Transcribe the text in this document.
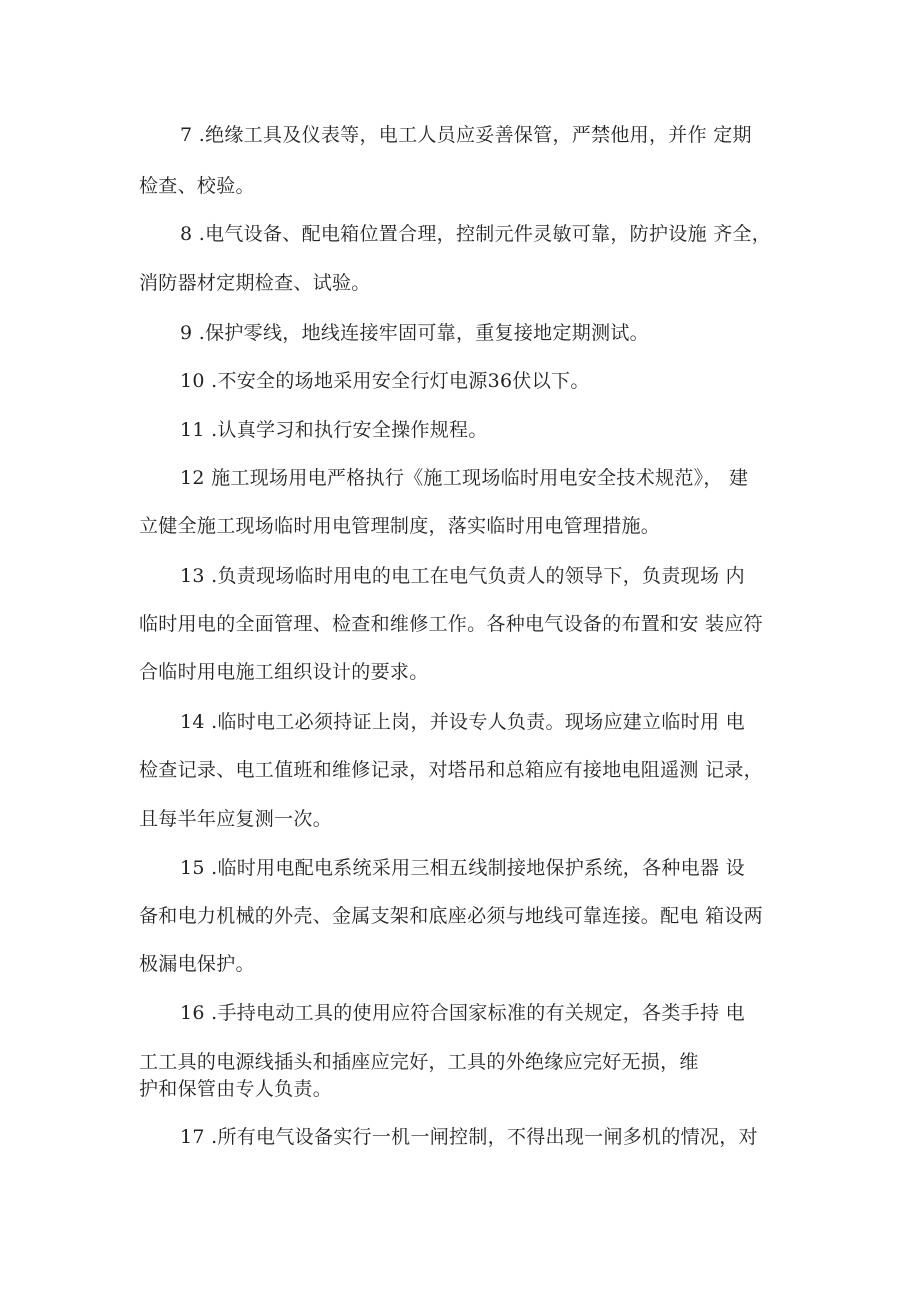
7 .绝缘工具及仪表等，电工人员应妥善保管，严禁他用，并作 定期
检查、校验。
8 .电气设备、配电箱位置合理，控制元件灵敏可靠，防护设施 齐全，
消防器材定期检查、试验。
9 .保护零线，地线连接牢固可靠，重复接地定期测试。
10 .不安全的场地采用安全行灯电源36伏以下。
11 .认真学习和执行安全操作规程。
12 施工现场用电严格执行《施工现场临时用电安全技术规范》， 建
立健全施工现场临时用电管理制度，落实临时用电管理措施。
13 .负责现场临时用电的电工在电气负责人的领导下，负责现场 内
临时用电的全面管理、检查和维修工作。各种电气设备的布置和安 装应符
合临时用电施工组织设计的要求。
14 .临时电工必须持证上岗，并设专人负责。现场应建立临时用 电
检查记录、电工值班和维修记录，对塔吊和总箱应有接地电阻遥测 记录，
且每半年应复测一次。
15 .临时用电配电系统采用三相五线制接地保护系统，各种电器 设
备和电力机械的外壳、金属支架和底座必须与地线可靠连接。配电 箱设两
极漏电保护。
16 .手持电动工具的使用应符合国家标准的有关规定，各类手持 电
工工具的电源线插头和插座应完好，工具的外绝缘应完好无损，维
护和保管由专人负责。
17 .所有电气设备实行一机一闸控制，不得出现一闸多机的情况，对
